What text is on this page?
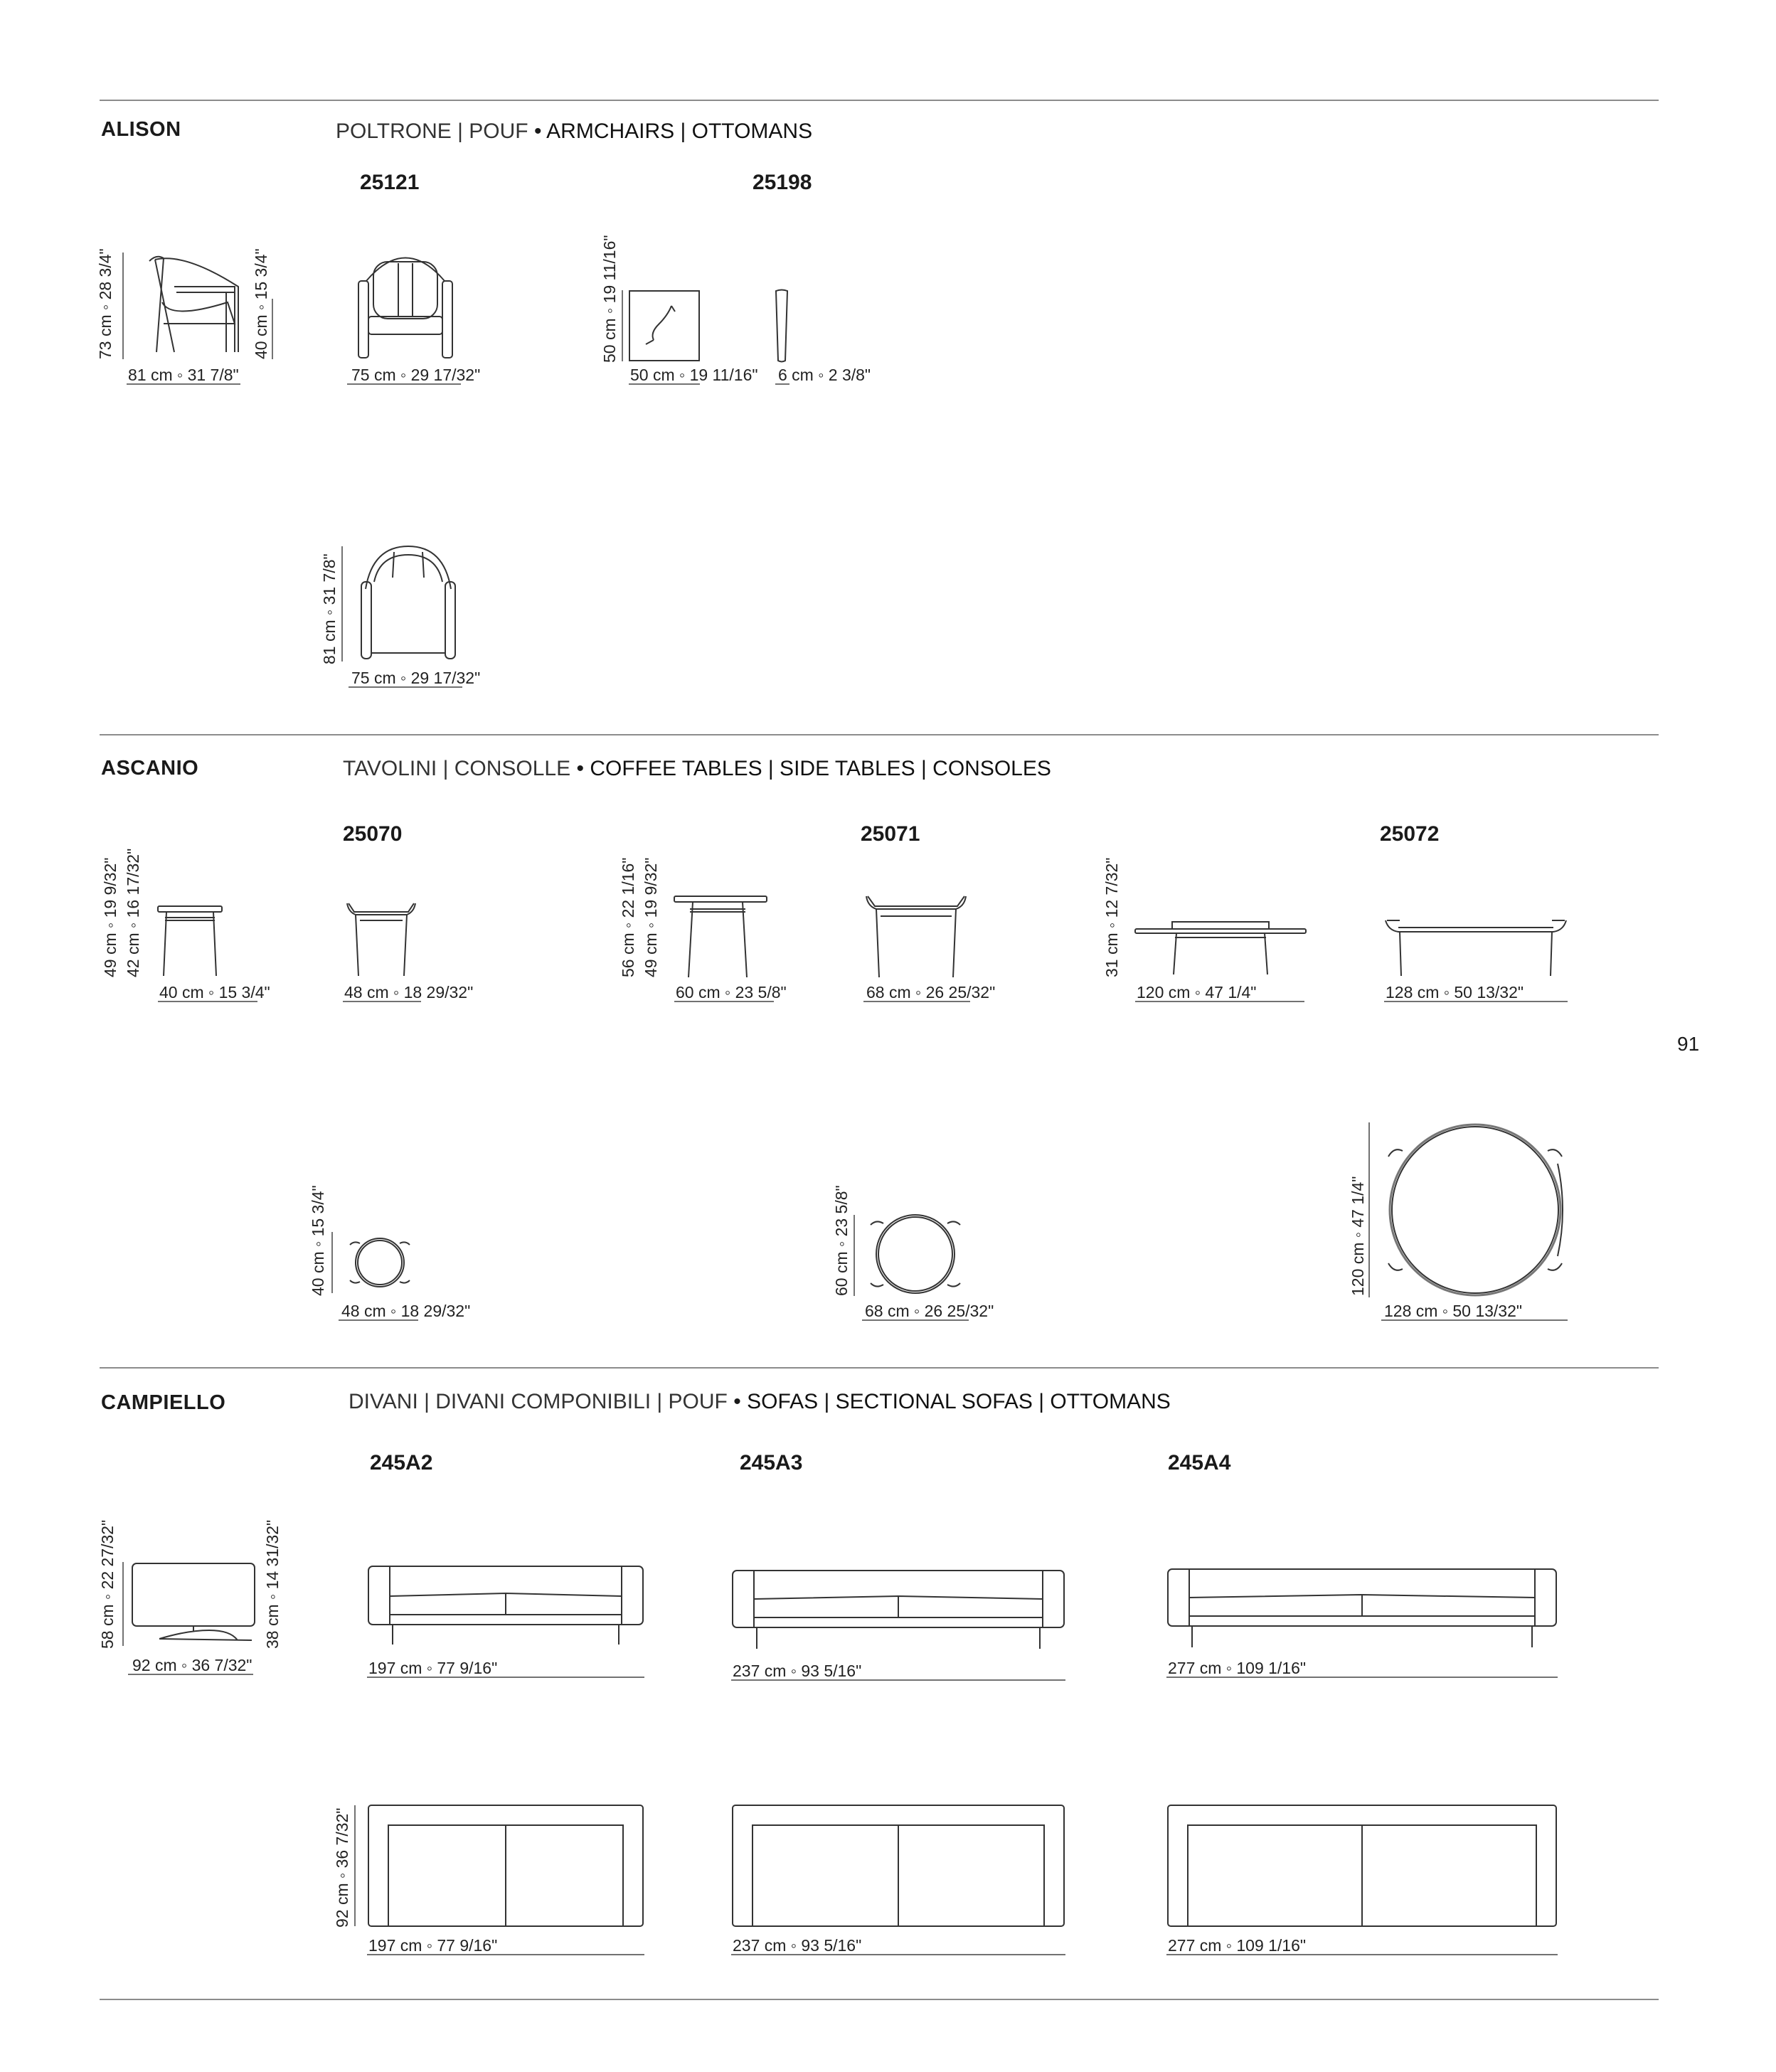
91
ALISON	POLTRONE | POUF • ARMCHAIRS | OTTOMANS
25121	25198
73 cm ◦ 28 3/4"	40 cm ◦ 15 3/4"
81 cm ◦ 31 7/8"	75 cm ◦ 29 17/32"
50 cm ◦ 19 11/16"
50 cm ◦ 19 11/16" 6 cm ◦ 2 3/8"
81 cm ◦ 31 7/8"
75 cm ◦ 29 17/32"
ASCANIO	TAVOLINI | CONSOLLE • COFFEE TABLES | SIDE TABLES | CONSOLES
25070	25071	25072
49 cm ◦ 19 9/32" 42 cm ◦ 16 17/32"
40 cm ◦ 15 3/4"	48 cm ◦ 18 29/32"
56 cm ◦ 22 1/16" 49 cm ◦ 19 9/32"
60 cm ◦ 23 5/8"	68 cm ◦ 26 25/32"
31 cm ◦ 12 7/32"
120 cm ◦ 47 1/4"	128 cm ◦ 50 13/32"
40 cm ◦ 15 3/4"
48 cm ◦ 18 29/32"
60 cm ◦ 23 5/8"
68 cm ◦ 26 25/32"
120 cm ◦ 47 1/4"
128 cm ◦ 50 13/32"
CAMPIELLO	DIVANI | DIVANI COMPONIBILI | POUF • SOFAS | SECTIONAL SOFAS | OTTOMANS
245A2	245A3	245A4
58 cm ◦ 22 27/32"	38 cm ◦ 14 31/32"
92 cm ◦ 36 7/32"	197 cm ◦ 77 9/16"	237 cm ◦ 93 5/16"	277 cm ◦ 109 1/16"
92 cm ◦ 36 7/32"
197 cm ◦ 77 9/16"	237 cm ◦ 93 5/16"	277 cm ◦ 109 1/16"
